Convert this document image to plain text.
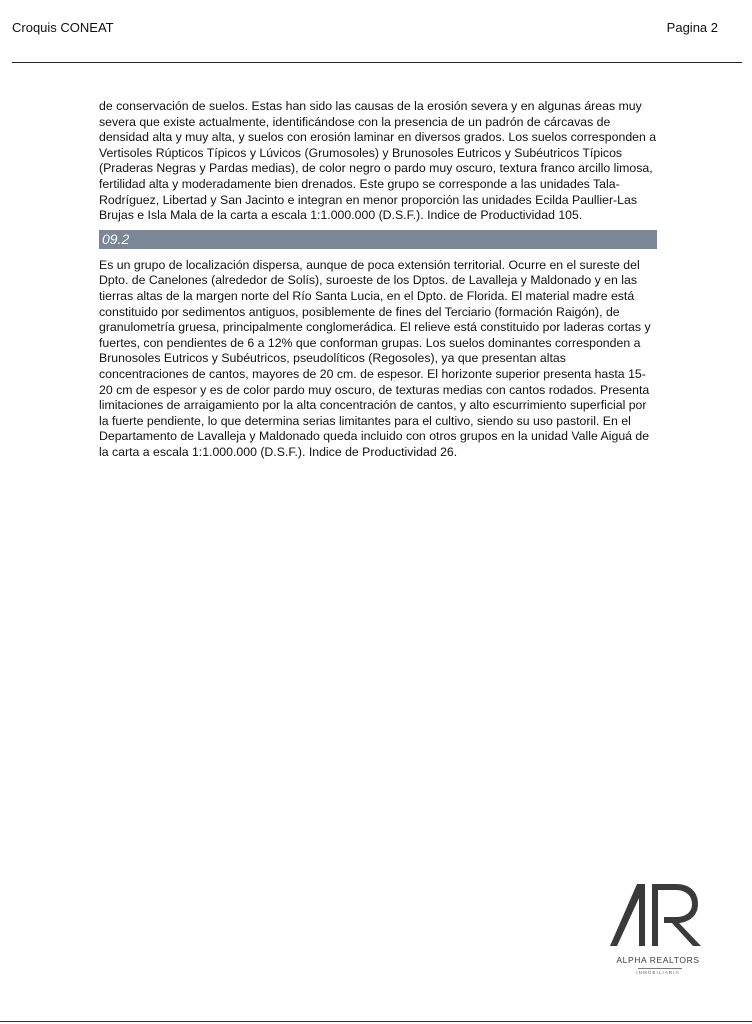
Croquis CONEAT	Pagina 2

de conservación de suelos. Estas han sido las causas de la erosión severa y en algunas áreas muy severa que existe actualmente, identificándose con la presencia de un padrón de cárcavas de densidad alta y muy alta, y suelos con erosión laminar en diversos grados. Los suelos corresponden a Vertisoles Rúpticos Típicos y Lúvicos (Grumosoles) y Brunosoles Eutricos y Subéutricos Típicos (Praderas Negras y Pardas medias), de color negro o pardo muy oscuro, textura franco arcillo limosa, fertilidad alta y moderadamente bien drenados. Este grupo se corresponde a las unidades Tala-Rodríguez, Libertad y San Jacinto e integran en menor proporción las unidades Ecilda Paullier-Las Brujas e Isla Mala de la carta a escala 1:1.000.000 (D.S.F.). Indice de Productividad 105.

09.2

Es un grupo de localización dispersa, aunque de poca extensión territorial. Ocurre en el sureste del Dpto. de Canelones (alrededor de Solís), suroeste de los Dptos. de Lavalleja y Maldonado y en las tierras altas de la margen norte del Río Santa Lucia, en el Dpto. de Florida. El material madre está constituido por sedimentos antiguos, posiblemente de fines del Terciario (formación Raigón), de granulometría gruesa, principalmente conglomerádica. El relieve está constituido por laderas cortas y fuertes, con pendientes de 6 a 12% que conforman grupas. Los suelos dominantes corresponden a Brunosoles Eutricos y Subéutricos, pseudolíticos (Regosoles), ya que presentan altas concentraciones de cantos, mayores de 20 cm. de espesor. El horizonte superior presenta hasta 15-20 cm de espesor y es de color pardo muy oscuro, de texturas medias con cantos rodados. Presenta limitaciones de arraigamiento por la alta concentración de cantos, y alto escurrimiento superficial por la fuerte pendiente, lo que determina serias limitantes para el cultivo, siendo su uso pastoril. En el Departamento de Lavalleja y Maldonado queda incluido con otros grupos en la unidad Valle Aiguá de la carta a escala 1:1.000.000 (D.S.F.). Indice de Productividad 26.

ALPHA REALTORS
INMOBILIARIA
